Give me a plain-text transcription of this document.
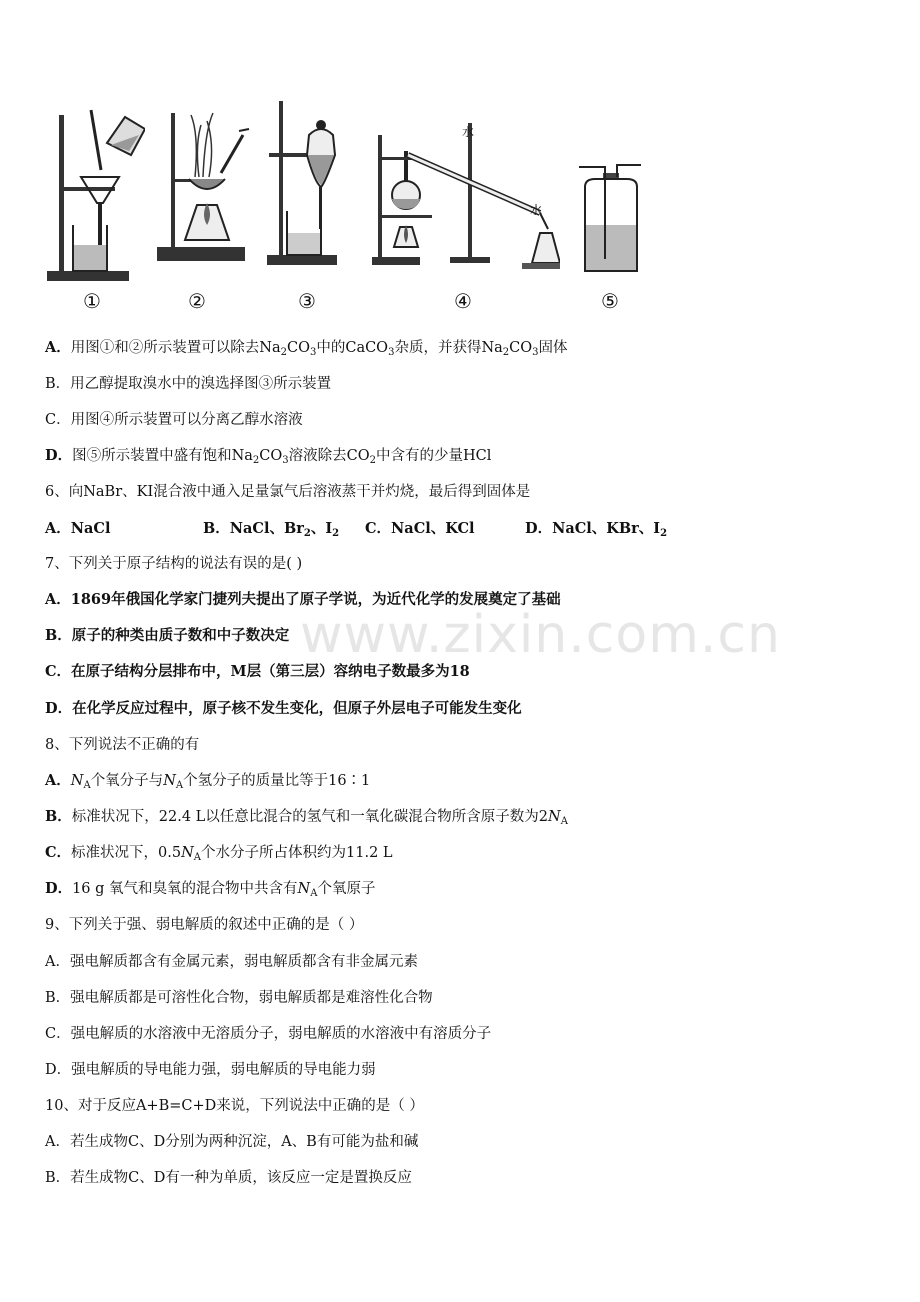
①	②	③
水
水
④	⑤
A．用图①和②所示装置可以除去$Na_2CO_3$中的CaCO$_3$杂质，并获得$Na_2CO_3$固体
B．用乙醇提取溴水中的溴选择图③所示装置
C．用图④所示装置可以分离乙醇水溶液
D．图⑤所示装置中盛有饱和$Na_2CO_3$溶液除去$CO_2$中含有的少量HCl
6、向NaBr、KI混合液中通入足量氯气后溶液蒸干并灼烧，最后得到固体是
A．NaCl	B．NaCl、$Br_2$、$I_2$ C．NaCl、KCl	D．NaCl、KBr、$I_2$
7、下列关于原子结构的说法有误的是( )
A．1869年俄国化学家门捷列夫提出了原子学说，为近代化学的发展奠定了基础
B．原子的种类由质子数和中子数决定
C．在原子结构分层排布中，M层（第三层）容纳电子数最多为18
D．在化学反应过程中，原子核不发生变化，但原子外层电子可能发生变化
8、下列说法不正确的有
A．$N_A$个氧分子与$N_A$个氢分子的质量比等于16∶1
B．标准状况下，22.4 L以任意比混合的氢气和一氧化碳混合物所含原子数为$2N_A$
C．标准状况下，$0.5N_A$个水分子所占体积约为11.2 L
D．16 g 氧气和臭氧的混合物中共含有$N_A$个氧原子
9、下列关于强、弱电解质的叙述中正确的是（ ）
A．强电解质都含有金属元素，弱电解质都含有非金属元素
B．强电解质都是可溶性化合物，弱电解质都是难溶性化合物
C．强电解质的水溶液中无溶质分子，弱电解质的水溶液中有溶质分子
D．强电解质的导电能力强，弱电解质的导电能力弱
10、对于反应A+B=C+D来说，下列说法中正确的是（ ）
A．若生成物C、D分别为两种沉淀，A、B有可能为盐和碱
B．若生成物C、D有一种为单质，该反应一定是置换反应
www.zixin.com.cn
